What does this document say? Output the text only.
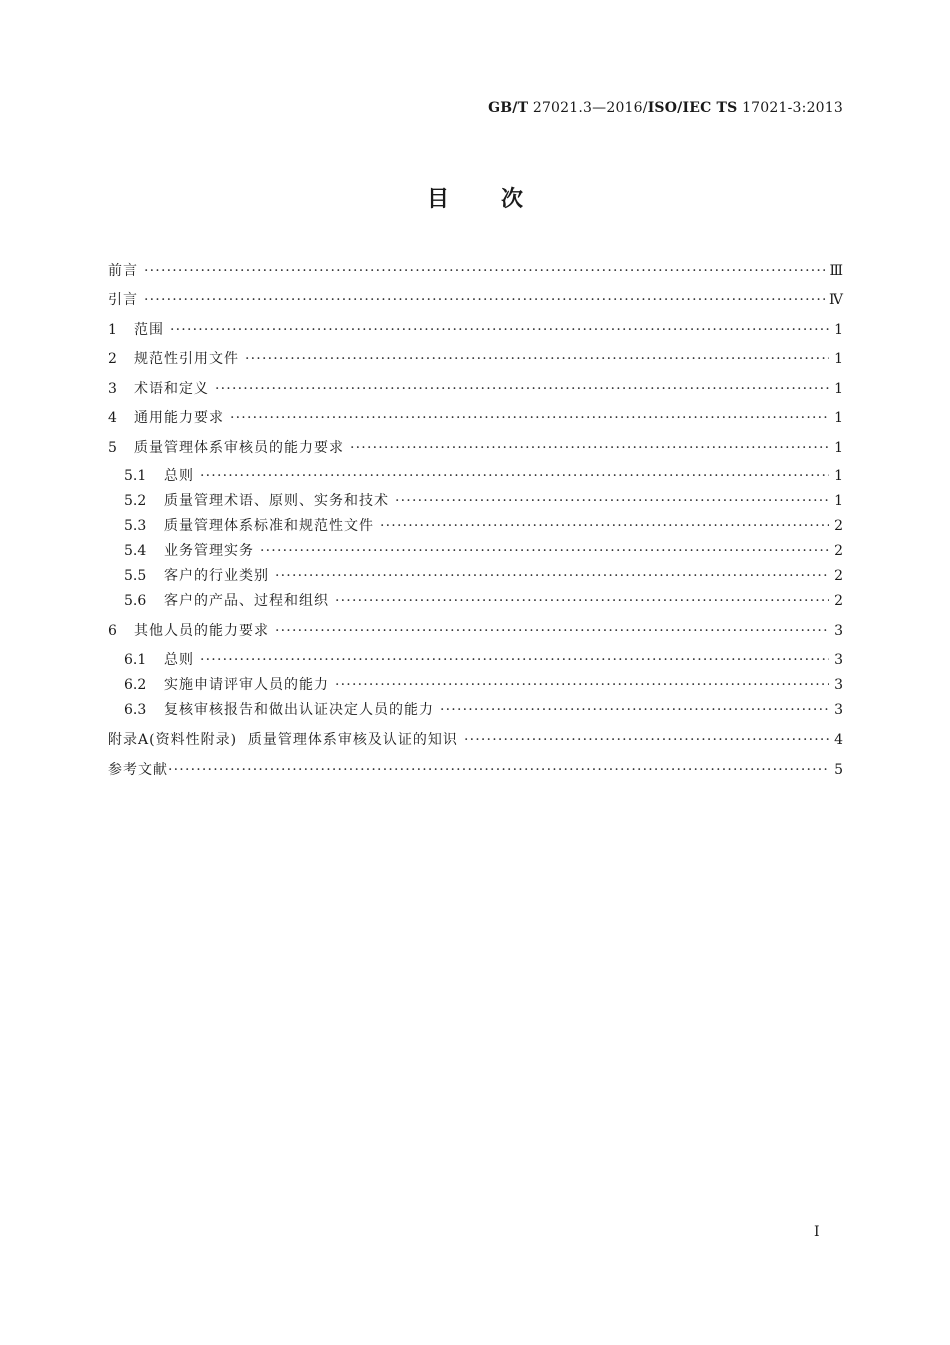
GB/T 27021.3—2016/ISO/IEC TS 17021-3:2013
目 次
前言 ·····	Ⅲ
引言 ·····	Ⅳ
1	范围 ·····	1
2	规范性引用文件 ·····	1
3	术语和定义 ·····	1
4	通用能力要求 ·····	1
5	质量管理体系审核员的能力要求 ·····	1
5.1	总则 ·····	1
5.2	质量管理术语、原则、实务和技术 ·····	1
5.3	质量管理体系标准和规范性文件 ·····	2
5.4	业务管理实务 ·····	2
5.5	客户的行业类别 ·····	2
5.6	客户的产品、过程和组织 ·····	2
6	其他人员的能力要求 ·····	3
6.1	总则 ·····	3
6.2	实施申请评审人员的能力 ·····	3
6.3	复核审核报告和做出认证决定人员的能力 ·····	3
附录A(资料性附录)  质量管理体系审核及认证的知识 ·····	4
参考文献 ·····	5
I
